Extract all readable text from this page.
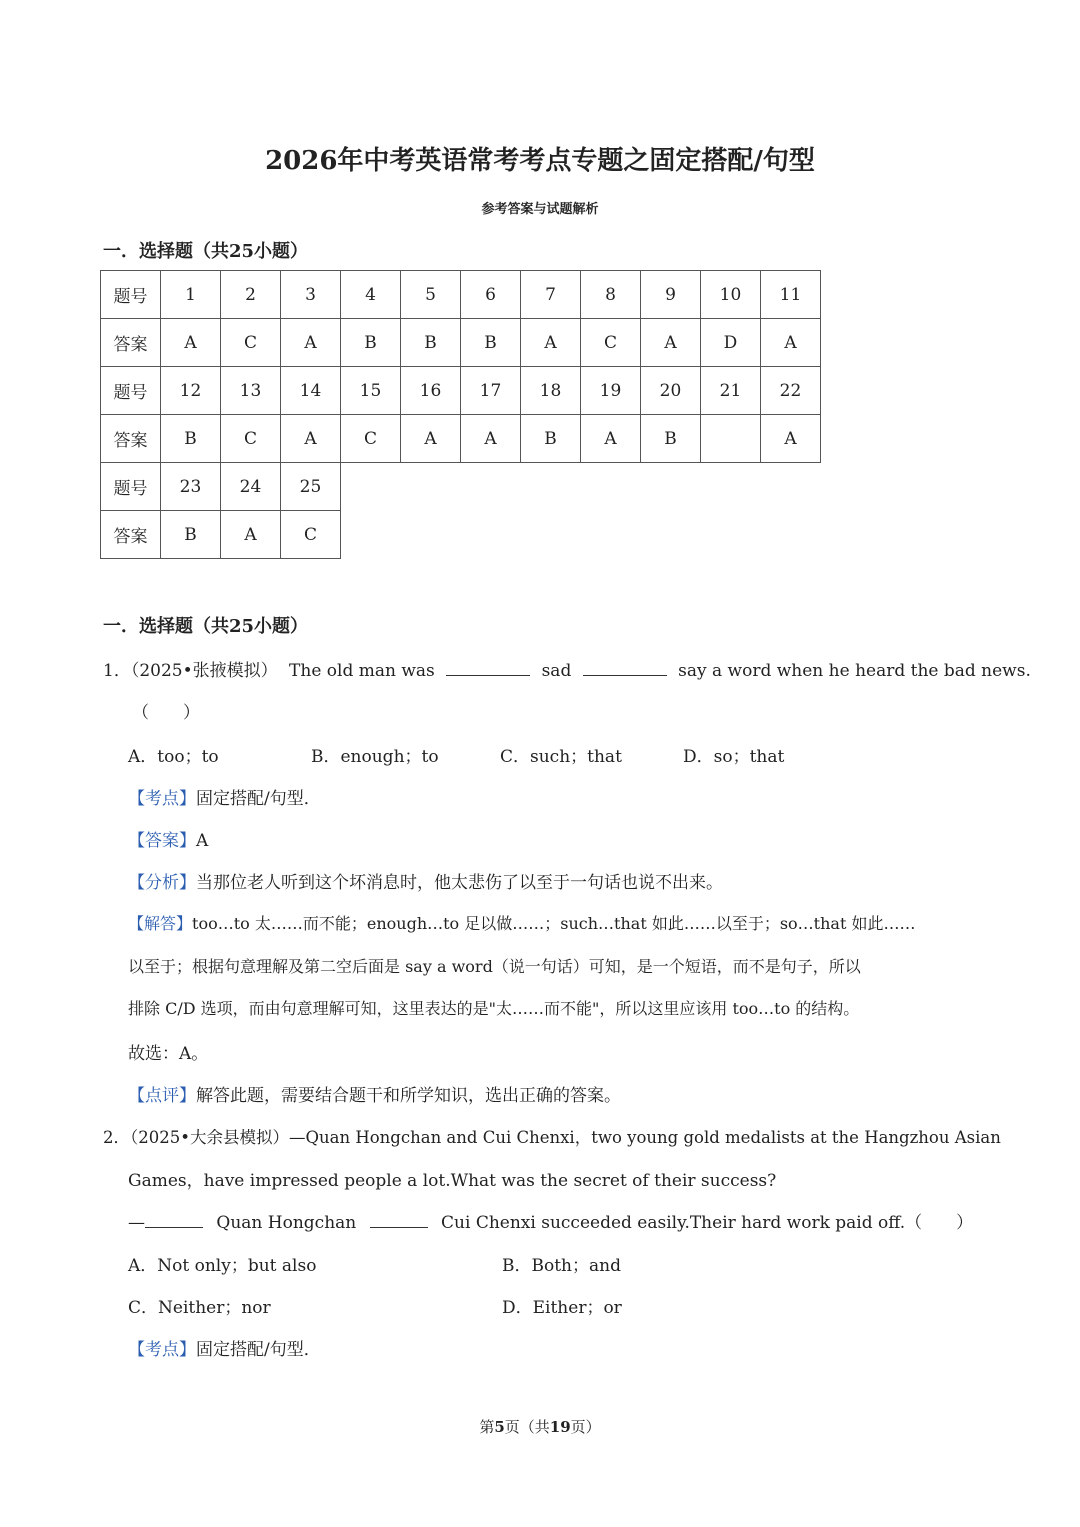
2026年中考英语常考考点专题之固定搭配/句型
参考答案与试题解析
一．选择题（共25小题）
题号	1	2	3	4	5	6	7	8	9	10	11
答案	A	C	A	B	B	B	A	C	A	D	A
题号	12	13	14	15	16	17	18	19	20	21	22
答案	B	C	A	C	A	A	B	A	B		A
题号	23	24	25								
答案	B	A	C								
一．选择题（共25小题）
1．（2025•张掖模拟） The old man was	sad	say a word when he heard the bad news.
（　　）
A．too；to	B．enough；to	C．such；that	D．so；that
【考点】固定搭配/句型．
【答案】A
【分析】当那位老人听到这个坏消息时，他太悲伤了以至于一句话也说不出来。
【解答】too…to 太……而不能；enough…to 足以做……；such…that 如此……以至于；so…that 如此……
以至于；根据句意理解及第二空后面是 say a word（说一句话）可知，是一个短语，而不是句子，所以
排除 C/D 选项，而由句意理解可知，这里表达的是"太……而不能"，所以这里应该用 too…to 的结构。
故选：A。
【点评】解答此题，需要结合题干和所学知识，选出正确的答案。
2．（2025•大余县模拟）—Quan Hongchan and Cui Chenxi，two young gold medalists at the Hangzhou Asian
Games，have impressed people a lot.What was the secret of their success?
—	Quan Hongchan	Cui Chenxi succeeded easily.Their hard work paid off.（　　）
A．Not only；but also	B．Both；and
C．Neither；nor	D．Either；or
【考点】固定搭配/句型．
第5页（共19页）
